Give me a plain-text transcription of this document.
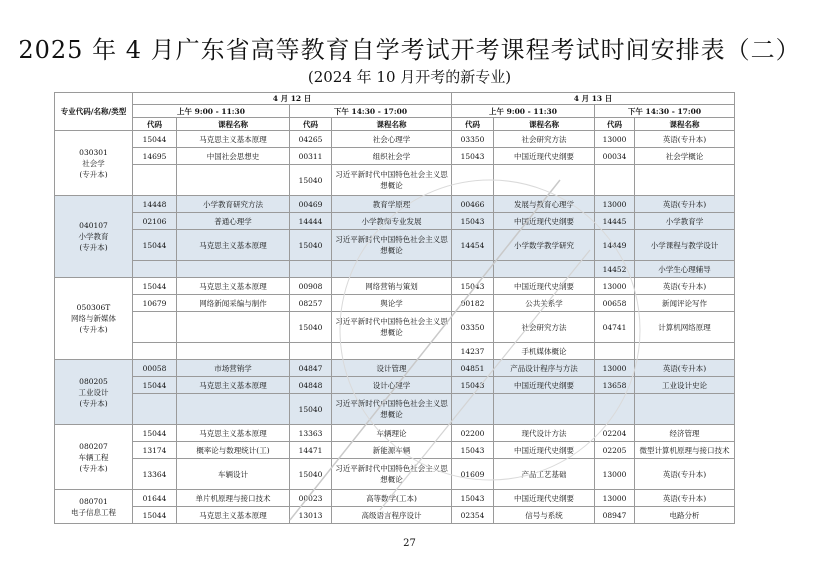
2025 年 4 月广东省高等教育自学考试开考课程考试时间安排表（二）
(2024 年 10 月开考的新专业)
专业代码/名称/类型	4 月 12 日				4 月 13 日			
	上午 9:00 - 11:30		下午 14:30 - 17:00		上午 9:00 - 11:30		下午 14:30 - 17:00	
	代码	课程名称	代码	课程名称	代码	课程名称	代码	课程名称

030301
社会学
(专升本)	15044	马克思主义基本原理	04265	社会心理学	03350	社会研究方法	13000	英语(专升本)
	14695	中国社会思想史	00311	组织社会学	15043	中国近现代史纲要	00034	社会学概论
			15040	习近平新时代中国特色社会主义思想概论				

040107
小学教育
(专升本)	14448	小学教育研究方法	00469	教育学原理	00466	发展与教育心理学	13000	英语(专升本)
	02106	普通心理学	14444	小学教师专业发展	15043	中国近现代史纲要	14445	小学教育学
	15044	马克思主义基本原理	15040	习近平新时代中国特色社会主义思想概论	14454	小学数学教学研究	14449	小学课程与教学设计
							14452	小学生心理辅导

050306T
网络与新媒体
(专升本)	15044	马克思主义基本原理	00908	网络营销与策划	15043	中国近现代史纲要	13000	英语(专升本)
	10679	网络新闻采编与制作	08257	舆论学	00182	公共关系学	00658	新闻评论写作
			15040	习近平新时代中国特色社会主义思想概论	03350	社会研究方法	04741	计算机网络原理
					14237	手机媒体概论		

080205
工业设计
(专升本)	00058	市场营销学	04847	设计管理	04851	产品设计程序与方法	13000	英语(专升本)
	15044	马克思主义基本原理	04848	设计心理学	15043	中国近现代史纲要	13658	工业设计史论
			15040	习近平新时代中国特色社会主义思想概论				

080207
车辆工程
(专升本)	15044	马克思主义基本原理	13363	车辆理论	02200	现代设计方法	02204	经济管理
	13174	概率论与数理统计(工)	14471	新能源车辆	15043	中国近现代史纲要	02205	微型计算机原理与接口技术
	13364	车辆设计	15040	习近平新时代中国特色社会主义思想概论	01609	产品工艺基础	13000	英语(专升本)

080701
电子信息工程	01644	单片机原理与接口技术	00023	高等数学(工本)	15043	中国近现代史纲要	13000	英语(专升本)
	15044	马克思主义基本原理	13013	高级语言程序设计	02354	信号与系统	08947	电路分析
27
